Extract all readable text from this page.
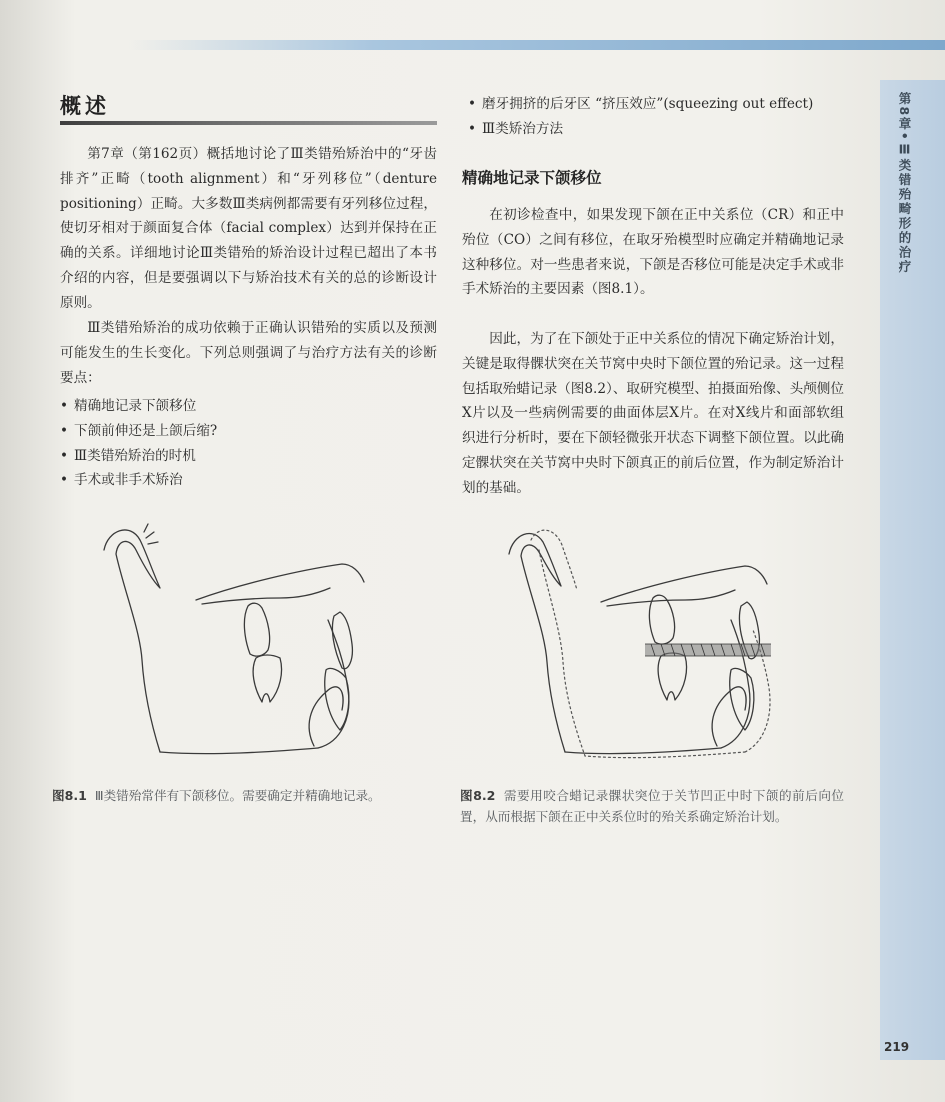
第8章•Ⅲ类错殆畸形的治疗
概述

第7章（第162页）概括地讨论了Ⅲ类错殆矫治中的“牙齿排齐”正畸（tooth alignment）和“牙列移位”（denture positioning）正畸。大多数Ⅲ类病例都需要有牙列移位过程，使切牙相对于颜面复合体（facial complex）达到并保持在正确的关系。详细地讨论Ⅲ类错殆的矫治设计过程已超出了本书介绍的内容，但是要强调以下与矫治技术有关的总的诊断设计原则。

Ⅲ类错殆矫治的成功依赖于正确认识错殆的实质以及预测可能发生的生长变化。下列总则强调了与治疗方法有关的诊断要点：

• 精确地记录下颌移位
• 下颌前伸还是上颌后缩?
• Ⅲ类错殆矫治的时机
• 手术或非手术矫治
• 磨牙拥挤的后牙区 “挤压效应”(squeezing out effect)
• Ⅲ类矫治方法
精确地记录下颌移位

在初诊检查中，如果发现下颌在正中关系位（CR）和正中殆位（CO）之间有移位，在取牙殆模型时应确定并精确地记录这种移位。对一些患者来说，下颌是否移位可能是决定手术或非手术矫治的主要因素（图8.1）。

因此，为了在下颌处于正中关系位的情况下确定矫治计划，关键是取得髁状突在关节窝中央时下颌位置的殆记录。这一过程包括取殆蜡记录（图8.2）、取研究模型、拍摄面殆像、头颅侧位X片以及一些病例需要的曲面体层X片。在对X线片和面部软组织进行分析时，要在下颌轻微张开状态下调整下颌位置。以此确定髁状突在关节窝中央时下颌真正的前后位置，作为制定矫治计划的基础。

图8.1 Ⅲ类错殆常伴有下颌移位。需要确定并精确地记录。	图8.2 需要用咬合蜡记录髁状突位于关节凹正中时下颌的前后向位置，从而根据下颌在正中关系位时的殆关系确定矫治计划。

219
